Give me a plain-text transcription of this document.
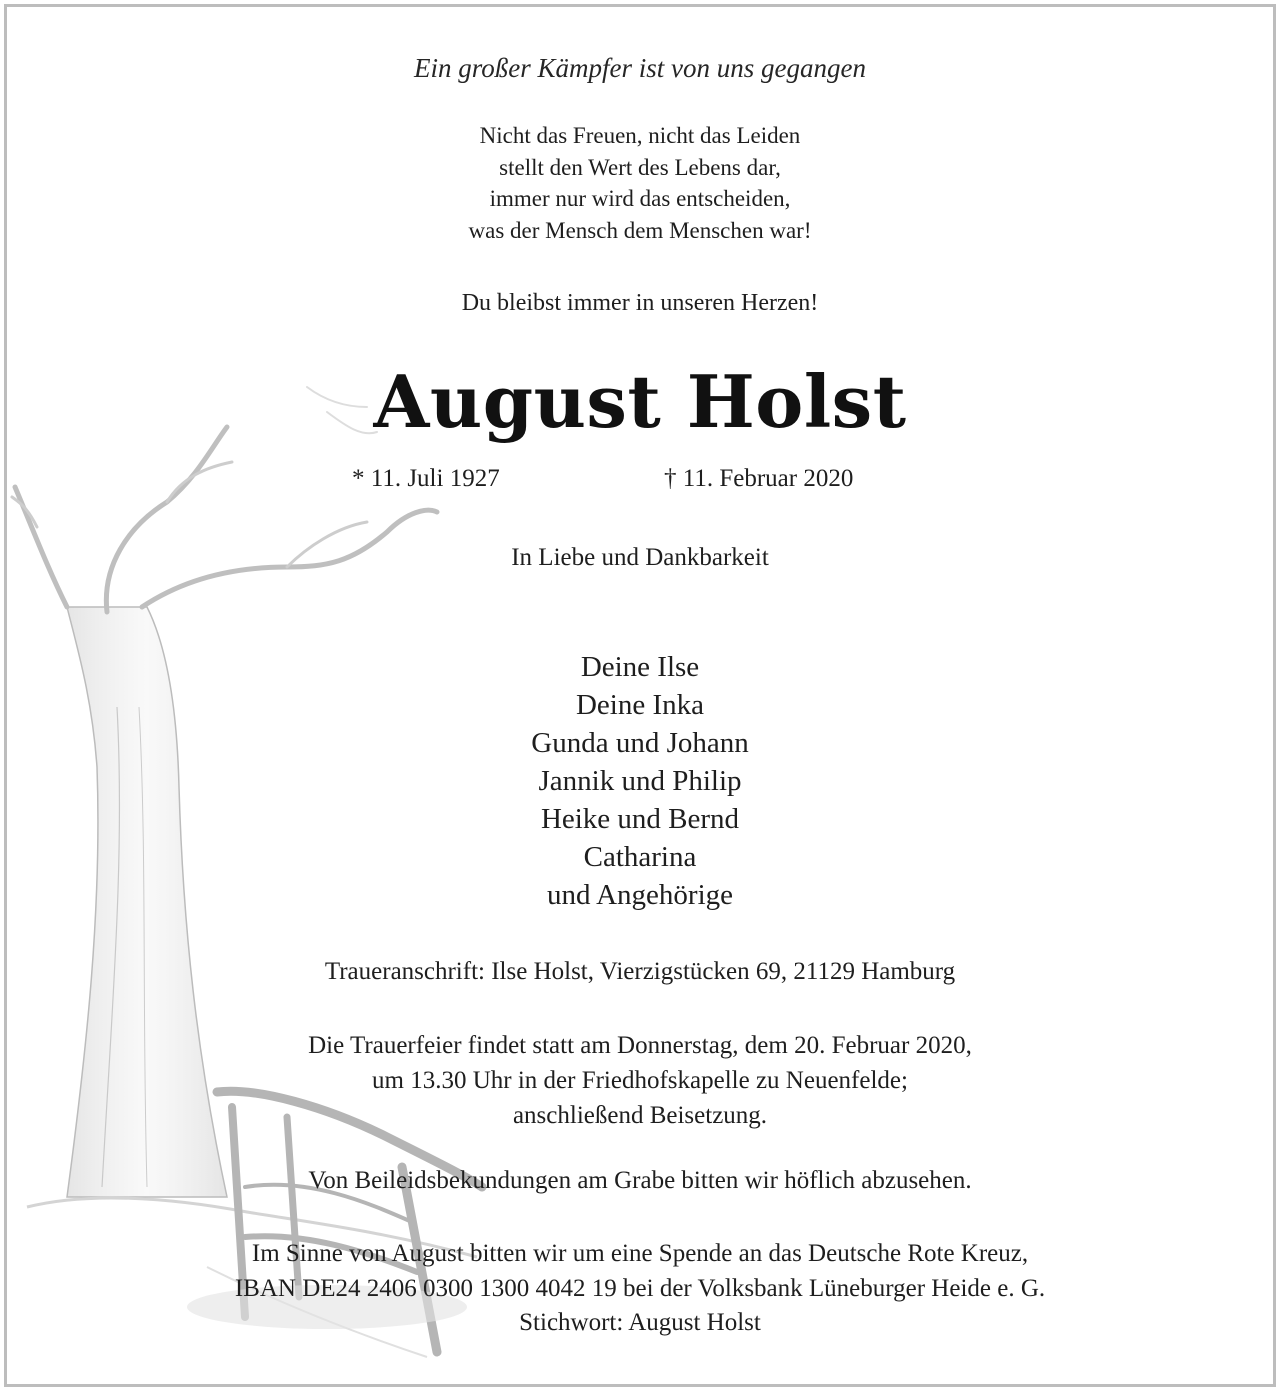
Ein großer Kämpfer ist von uns gegangen
Nicht das Freuen, nicht das Leiden
stellt den Wert des Lebens dar,
immer nur wird das entscheiden,
was der Mensch dem Menschen war!
Du bleibst immer in unseren Herzen!
August Holst
* 11. Juli 1927	† 11. Februar 2020
In Liebe und Dankbarkeit
Deine Ilse
Deine Inka
Gunda und Johann
Jannik und Philip
Heike und Bernd
Catharina
und Angehörige
Traueranschrift: Ilse Holst, Vierzigstücken 69, 21129 Hamburg
Die Trauerfeier findet statt am Donnerstag, dem 20. Februar 2020,
um 13.30 Uhr in der Friedhofskapelle zu Neuenfelde;
anschließend Beisetzung.
Von Beileidsbekundungen am Grabe bitten wir höflich abzusehen.
Im Sinne von August bitten wir um eine Spende an das Deutsche Rote Kreuz,
IBAN DE24 2406 0300 1300 4042 19 bei der Volksbank Lüneburger Heide e. G.
Stichwort: August Holst
